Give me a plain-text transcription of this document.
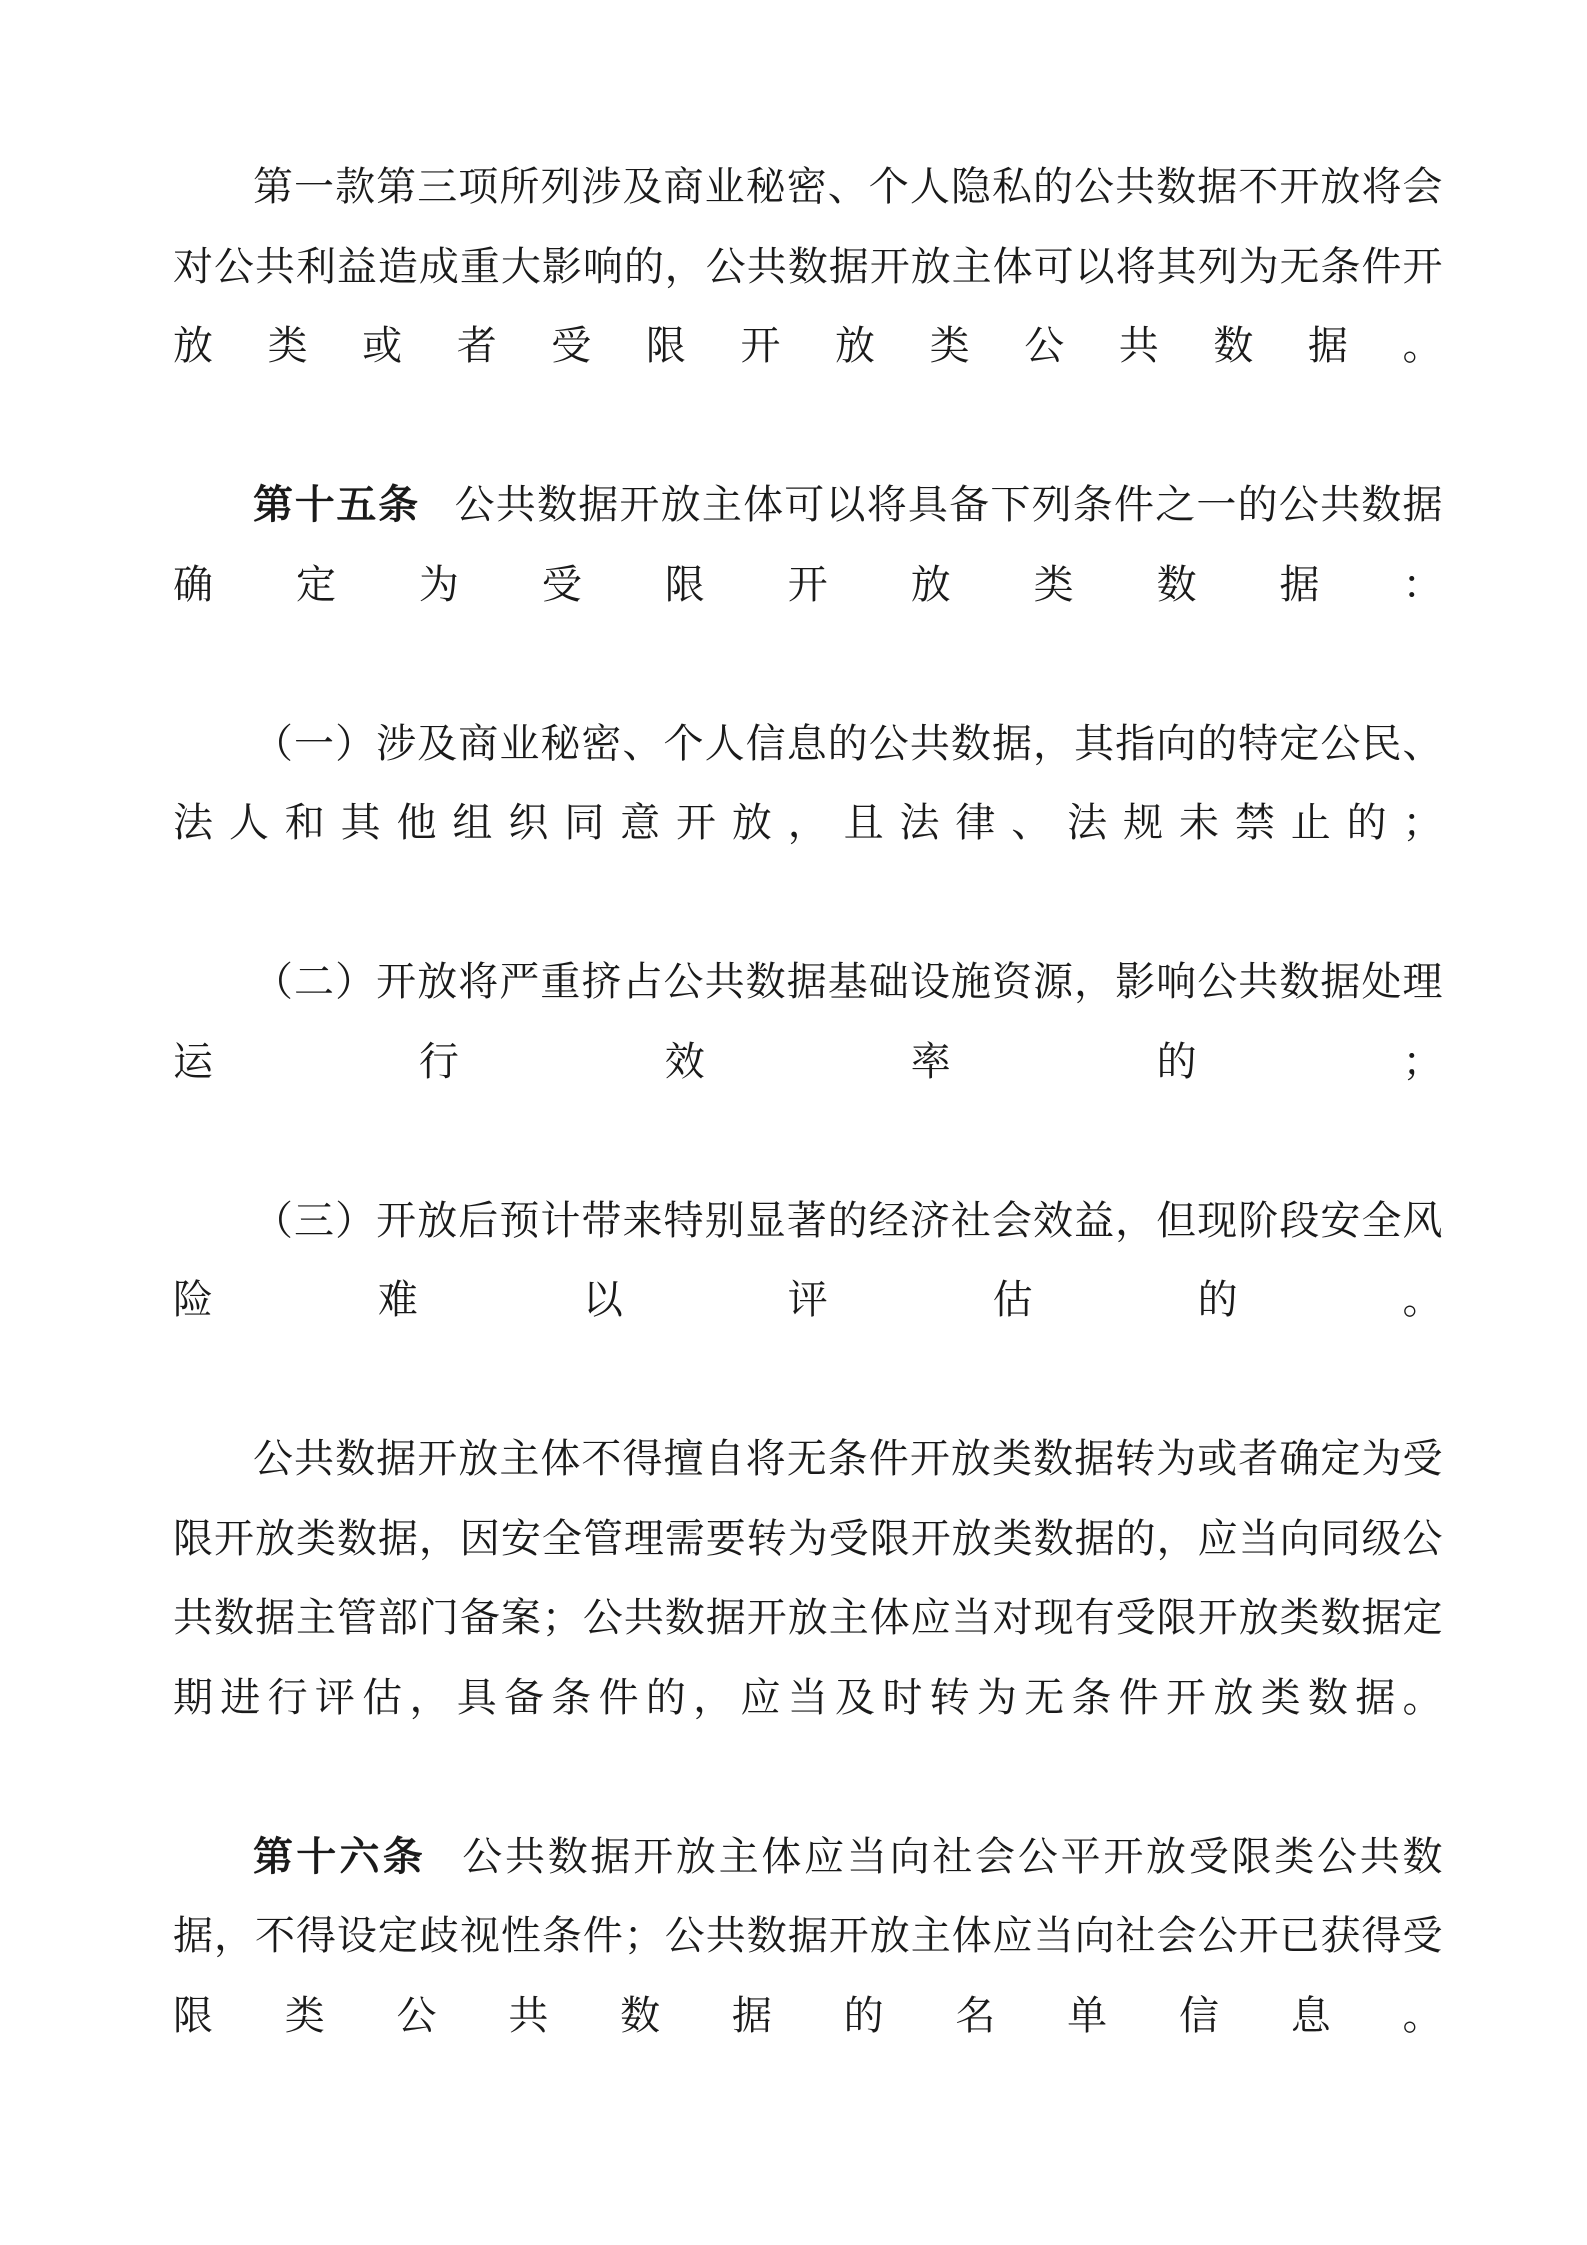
第一款第三项所列涉及商业秘密、个人隐私的公共数据不开放将会对公共利益造成重大影响的，公共数据开放主体可以将其列为无条件开放类或者受限开放类公共数据。

第十五条 公共数据开放主体可以将具备下列条件之一的公共数据确定为受限开放类数据：

（一）涉及商业秘密、个人信息的公共数据，其指向的特定公民、法人和其他组织同意开放，且法律、法规未禁止的；

（二）开放将严重挤占公共数据基础设施资源，影响公共数据处理运行效率的；

（三）开放后预计带来特别显著的经济社会效益，但现阶段安全风险难以评估的。

公共数据开放主体不得擅自将无条件开放类数据转为或者确定为受限开放类数据，因安全管理需要转为受限开放类数据的，应当向同级公共数据主管部门备案；公共数据开放主体应当对现有受限开放类数据定期进行评估，具备条件的，应当及时转为无条件开放类数据。

第十六条 公共数据开放主体应当向社会公平开放受限类公共数据，不得设定歧视性条件；公共数据开放主体应当向社会公开已获得受限类公共数据的名单信息。
